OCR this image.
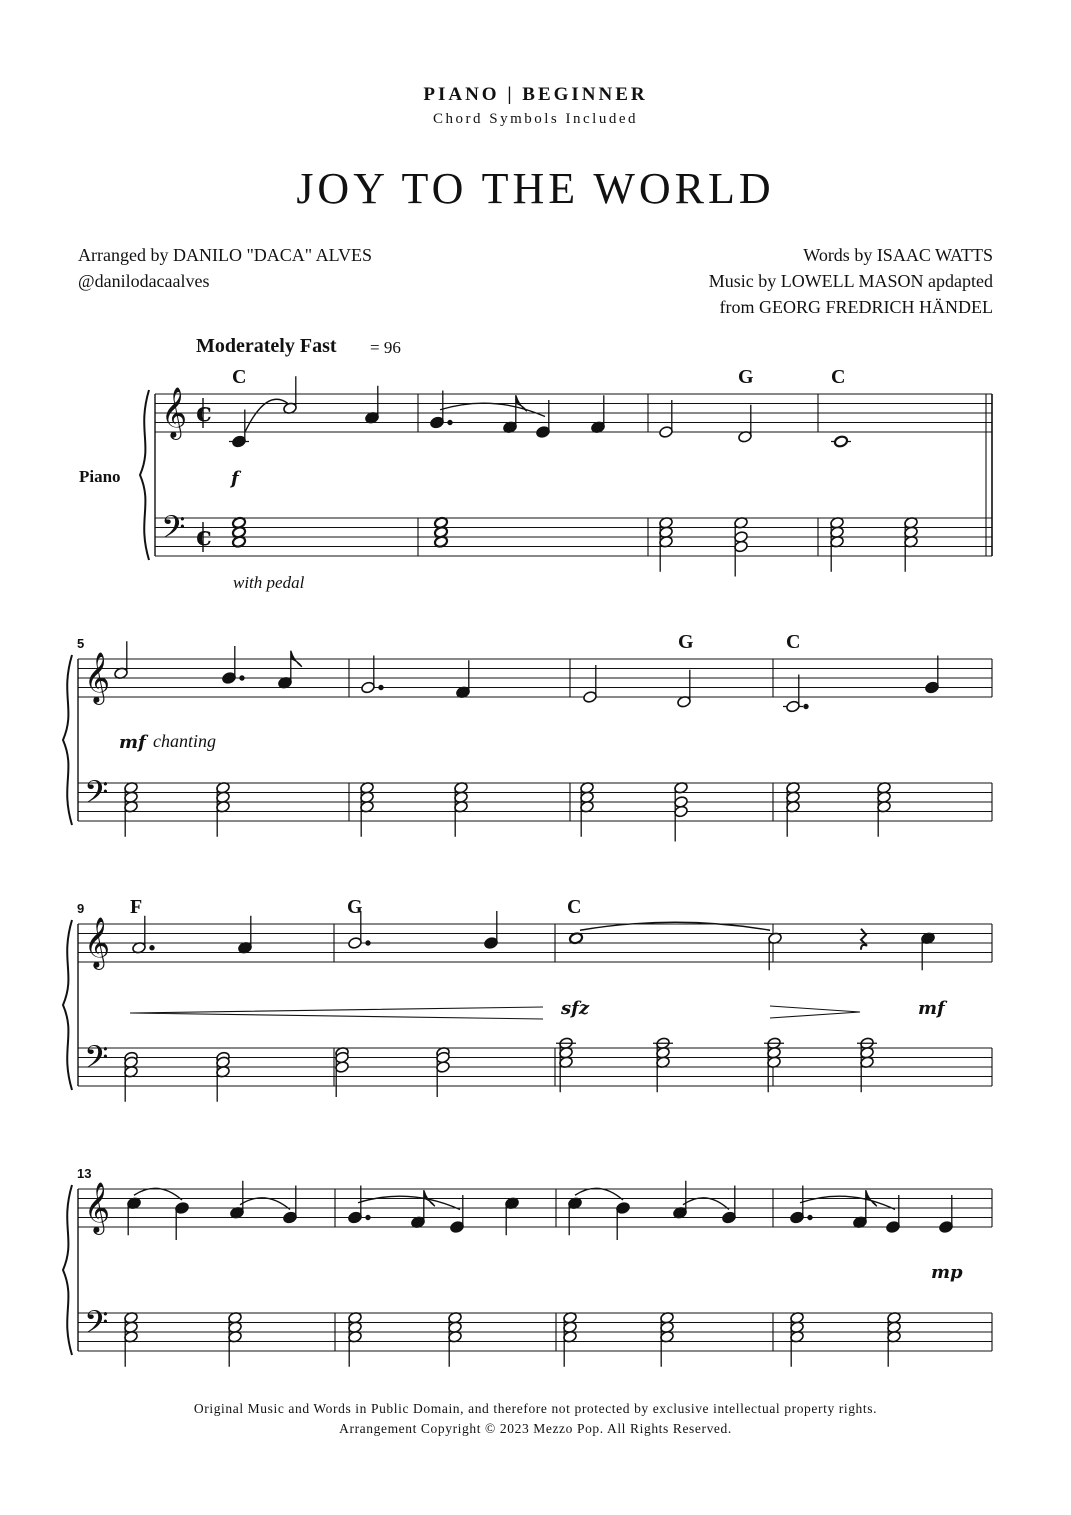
PIANO | BEGINNER
Chord Symbols Included
JOY TO THE WORLD
Arranged by DANILO "DACA" ALVES
@danilodacaalves
Words by ISAAC WATTS
Music by LOWELL MASON apdapted
from GEORG FREDRICH HÄNDEL
Moderately Fast = 96
Piano
with pedal
C	G	C
G	C
F	G	C
5
9
13
f
mf chanting
sfz	mf
mp
Original Music and Words in Public Domain, and therefore not protected by exclusive intellectual property rights.
Arrangement Copyright © 2023 Mezzo Pop. All Rights Reserved.
𝄞
𝄢
c
c
𝄞
𝄢
𝄞
𝄢
𝄞
𝄢
